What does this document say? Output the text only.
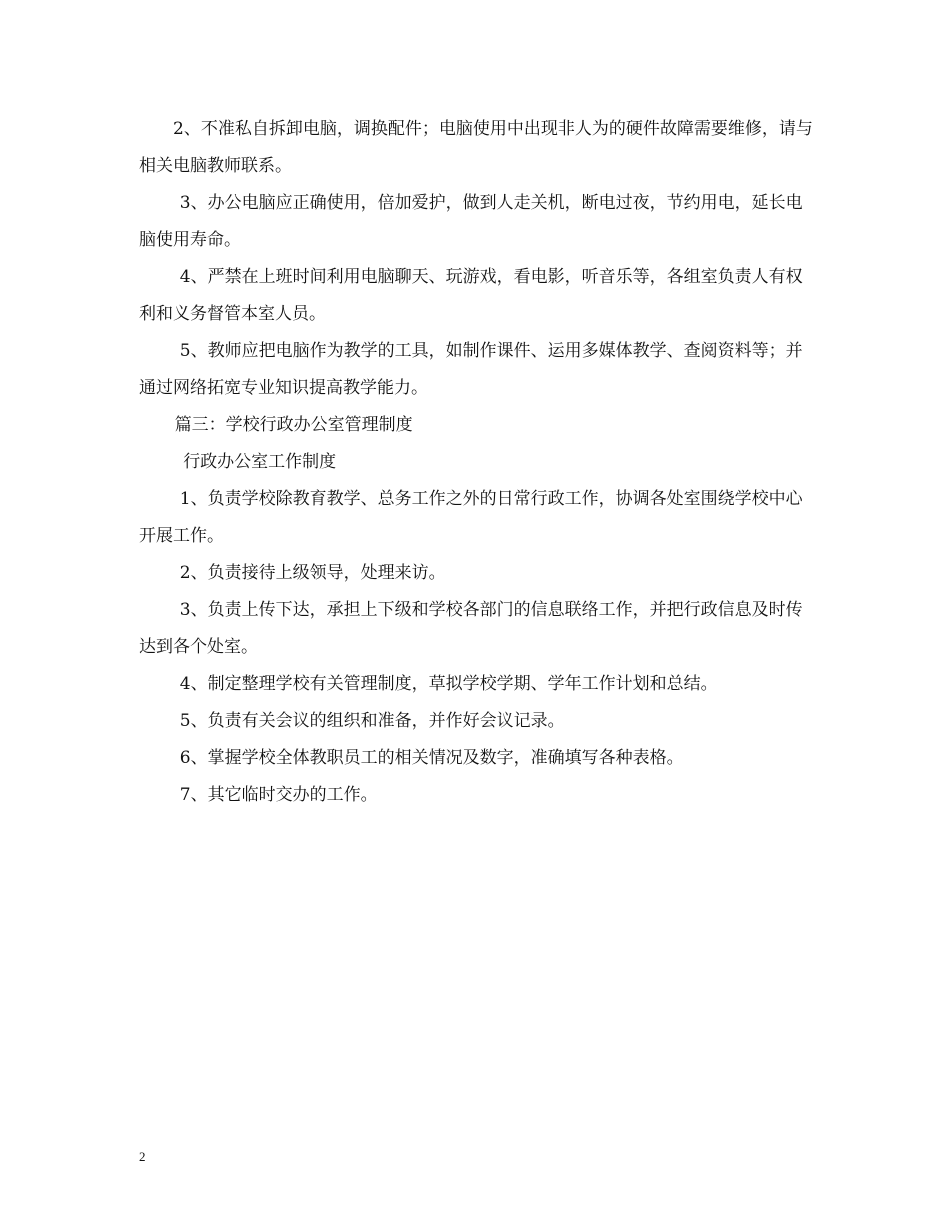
2、不准私自拆卸电脑，调换配件；电脑使用中出现非人为的硬件故障需要维修，请与相关电脑教师联系。

3、办公电脑应正确使用，倍加爱护，做到人走关机，断电过夜，节约用电，延长电脑使用寿命。

4、严禁在上班时间利用电脑聊天、玩游戏，看电影，听音乐等，各组室负责人有权利和义务督管本室人员。

5、教师应把电脑作为教学的工具，如制作课件、运用多媒体教学、查阅资料等；并通过网络拓宽专业知识提高教学能力。

篇三：学校行政办公室管理制度

行政办公室工作制度

1、负责学校除教育教学、总务工作之外的日常行政工作，协调各处室围绕学校中心开展工作。

2、负责接待上级领导，处理来访。

3、负责上传下达，承担上下级和学校各部门的信息联络工作，并把行政信息及时传达到各个处室。

4、制定整理学校有关管理制度，草拟学校学期、学年工作计划和总结。

5、负责有关会议的组织和准备，并作好会议记录。

6、掌握学校全体教职员工的相关情况及数字，准确填写各种表格。

7、其它临时交办的工作。

2
